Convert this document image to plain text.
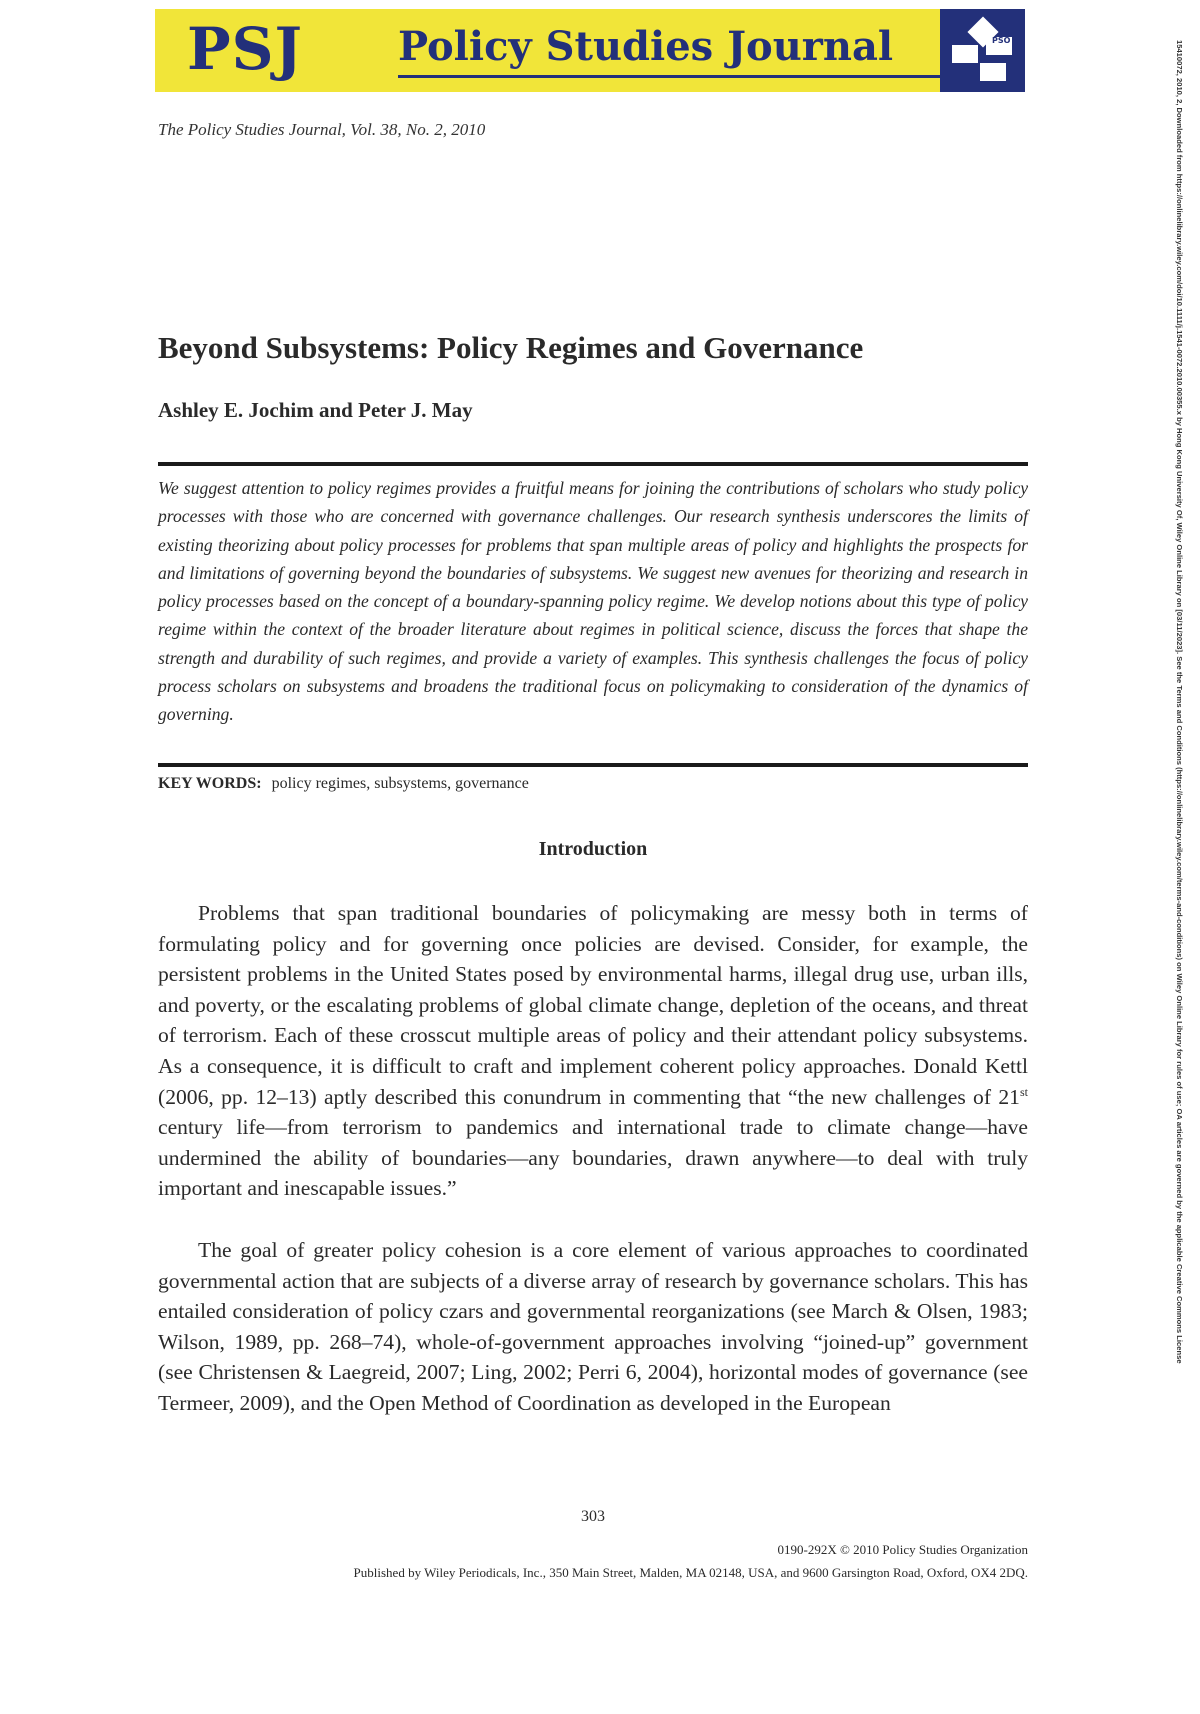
PSJ Policy Studies Journal	PSO
The Policy Studies Journal, Vol. 38, No. 2, 2010
Beyond Subsystems: Policy Regimes and Governance
Ashley E. Jochim and Peter J. May
We suggest attention to policy regimes provides a fruitful means for joining the contributions of scholars who study policy processes with those who are concerned with governance challenges. Our research synthesis underscores the limits of existing theorizing about policy processes for problems that span multiple areas of policy and highlights the prospects for and limitations of governing beyond the boundaries of subsystems. We suggest new avenues for theorizing and research in policy processes based on the concept of a boundary-spanning policy regime. We develop notions about this type of policy regime within the context of the broader literature about regimes in political science, discuss the forces that shape the strength and durability of such regimes, and provide a variety of examples. This synthesis challenges the focus of policy process scholars on subsystems and broadens the traditional focus on policymaking to consideration of the dynamics of governing.
KEY WORDS: policy regimes, subsystems, governance
Introduction
Problems that span traditional boundaries of policymaking are messy both in terms of formulating policy and for governing once policies are devised. Consider, for example, the persistent problems in the United States posed by environmental harms, illegal drug use, urban ills, and poverty, or the escalating problems of global climate change, depletion of the oceans, and threat of terrorism. Each of these crosscut multiple areas of policy and their attendant policy subsystems. As a consequence, it is difficult to craft and implement coherent policy approaches. Donald Kettl (2006, pp. 12–13) aptly described this conundrum in commenting that “the new challenges of 21st century life—from terrorism to pandemics and international trade to climate change—have undermined the ability of boundaries—any boundaries, drawn anywhere—to deal with truly important and inescapable issues.”
The goal of greater policy cohesion is a core element of various approaches to coordinated governmental action that are subjects of a diverse array of research by governance scholars. This has entailed consideration of policy czars and governmental reorganizations (see March & Olsen, 1983; Wilson, 1989, pp. 268–74), whole-of-government approaches involving “joined-up” government (see Christensen & Laegreid, 2007; Ling, 2002; Perri 6, 2004), horizontal modes of governance (see Termeer, 2009), and the Open Method of Coordination as developed in the European
303
0190-292X © 2010 Policy Studies Organization
Published by Wiley Periodicals, Inc., 350 Main Street, Malden, MA 02148, USA, and 9600 Garsington Road, Oxford, OX4 2DQ.
15410072, 2010, 2, Downloaded from https://onlinelibrary.wiley.com/doi/10.1111/j.1541-0072.2010.00355.x by Hong Kong University Of, Wiley Online Library on [03/11/2023]. See the Terms and Conditions (https://onlinelibrary.wiley.com/terms-and-conditions) on Wiley Online Library for rules of use; OA articles are governed by the applicable Creative Commons License
